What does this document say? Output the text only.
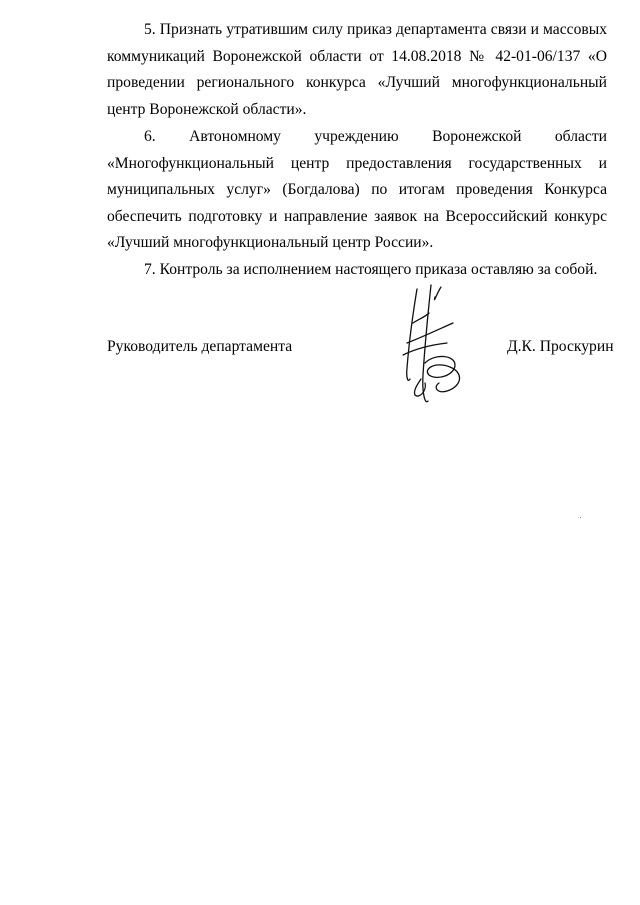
5. Признать утратившим силу приказ департамента связи и массовых коммуникаций Воронежской области от 14.08.2018 № 42-01-06/137 «О проведении регионального конкурса «Лучший многофункциональный центр Воронежской области».

6. Автономному учреждению Воронежской области «Многофункциональный центр предоставления государственных и муниципальных услуг» (Богдалова) по итогам проведения Конкурса обеспечить подготовку и направление заявок на Всероссийский конкурс «Лучший многофункциональный центр России».

7. Контроль за исполнением настоящего приказа оставляю за собой.

Руководитель департамента	Д.К. Проскурин
